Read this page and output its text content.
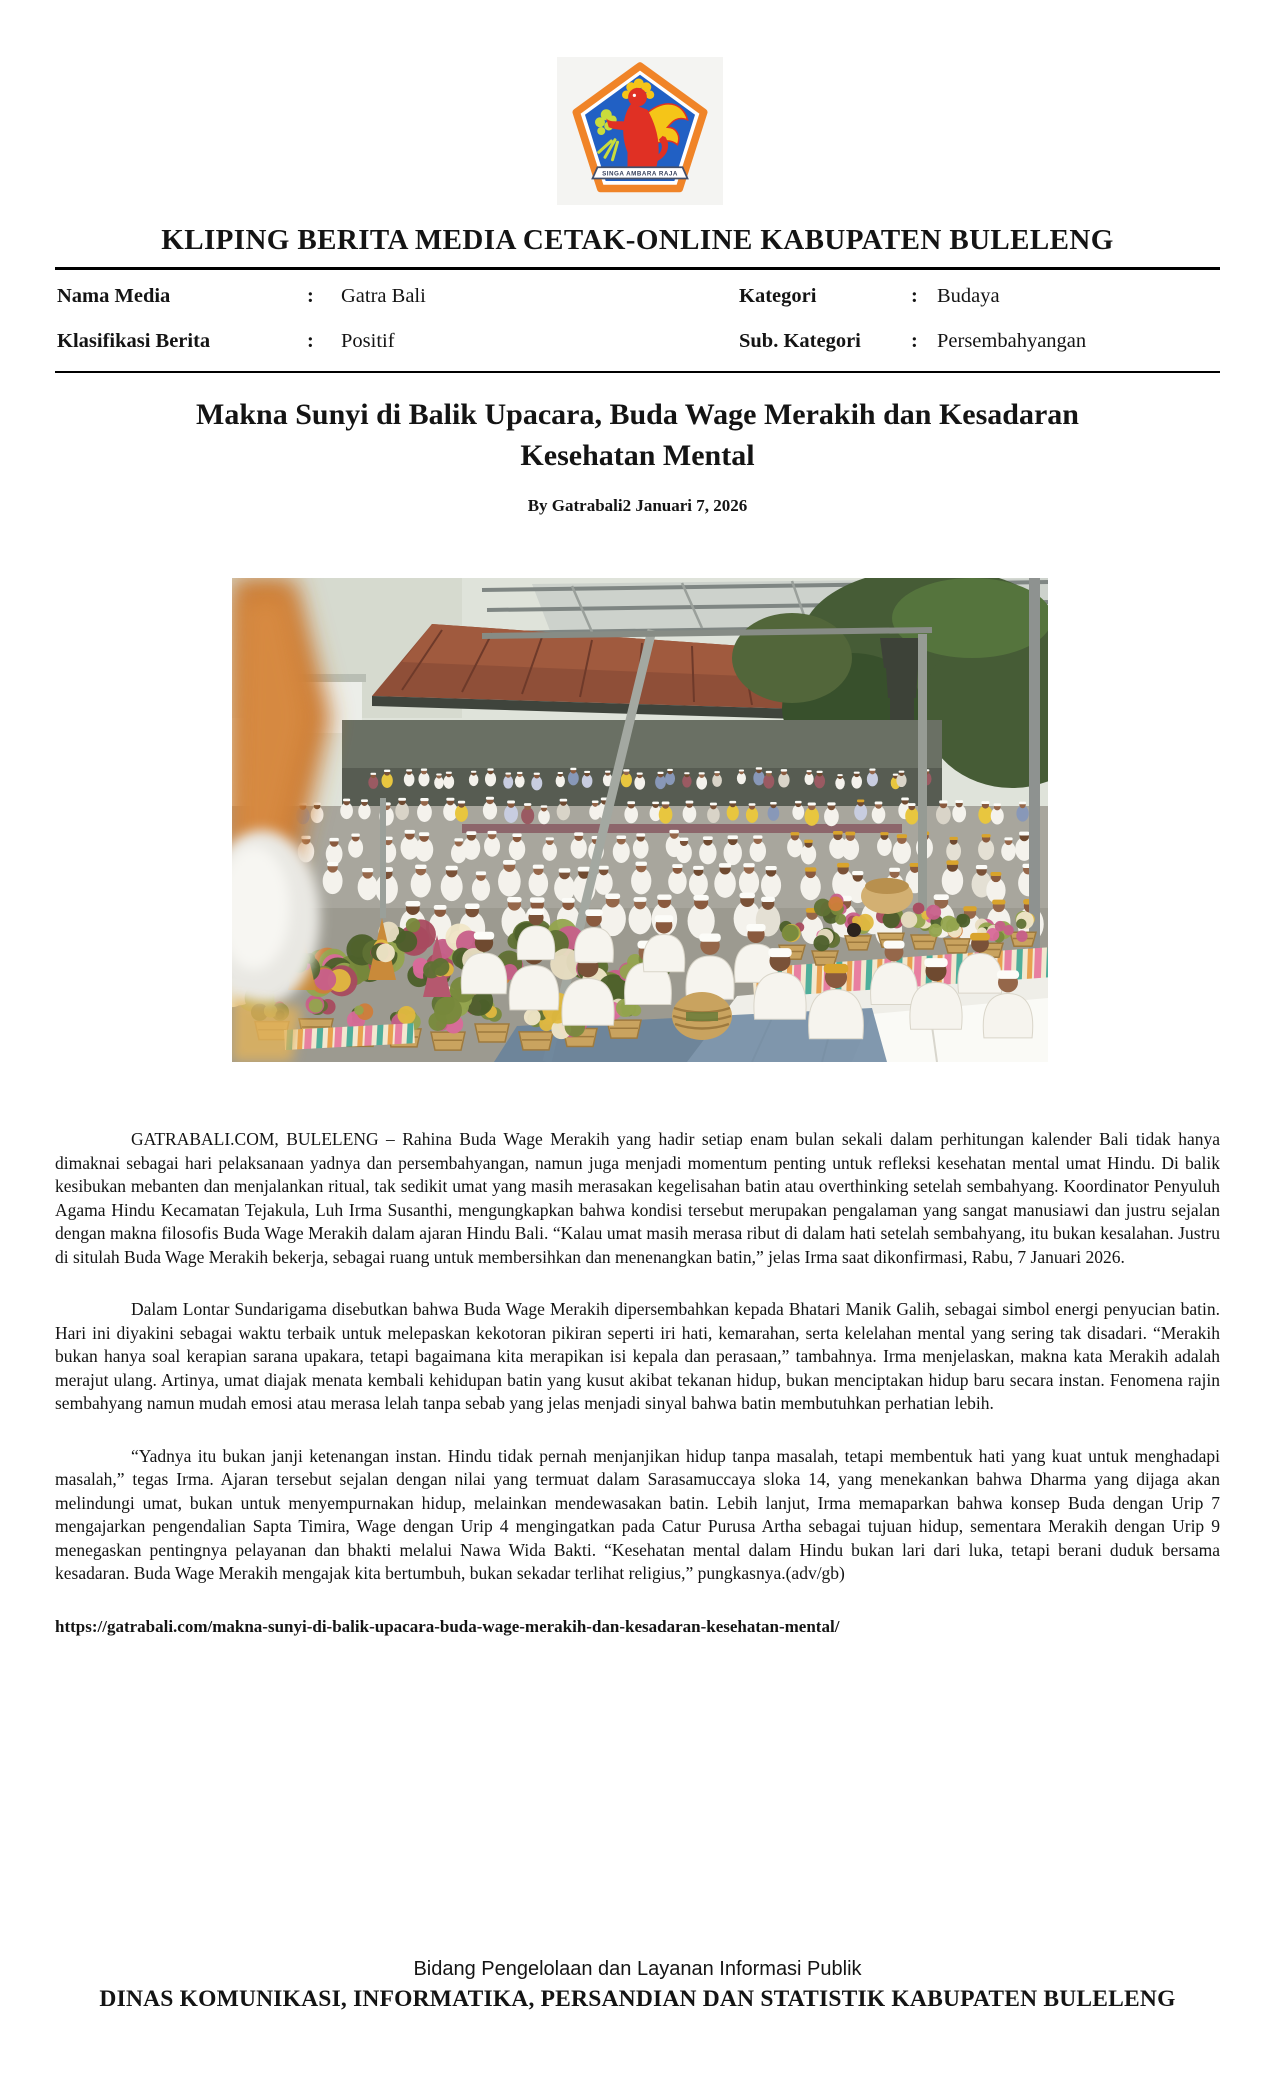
SINGA AMBARA RAJA
KLIPING BERITA MEDIA CETAK-ONLINE KABUPATEN BULELENG
Nama Media	:	Gatra Bali	Kategori	: Budaya
Klasifikasi Berita	:	Positif	Sub. Kategori	: Persembahyangan
Makna Sunyi di Balik Upacara, Buda Wage Merakih dan Kesadaran
Kesehatan Mental
By Gatrabali2 Januari 7, 2026

GATRABALI.COM, BULELENG – Rahina Buda Wage Merakih yang hadir setiap enam bulan sekali dalam perhitungan kalender Bali tidak hanya dimaknai sebagai hari pelaksanaan yadnya dan persembahyangan, namun juga menjadi momentum penting untuk refleksi kesehatan mental umat Hindu. Di balik kesibukan mebanten dan menjalankan ritual, tak sedikit umat yang masih merasakan kegelisahan batin atau overthinking setelah sembahyang. Koordinator Penyuluh Agama Hindu Kecamatan Tejakula, Luh Irma Susanthi, mengungkapkan bahwa kondisi tersebut merupakan pengalaman yang sangat manusiawi dan justru sejalan dengan makna filosofis Buda Wage Merakih dalam ajaran Hindu Bali. “Kalau umat masih merasa ribut di dalam hati setelah sembahyang, itu bukan kesalahan. Justru di situlah Buda Wage Merakih bekerja, sebagai ruang untuk membersihkan dan menenangkan batin,” jelas Irma saat dikonfirmasi, Rabu, 7 Januari 2026.

Dalam Lontar Sundarigama disebutkan bahwa Buda Wage Merakih dipersembahkan kepada Bhatari Manik Galih, sebagai simbol energi penyucian batin. Hari ini diyakini sebagai waktu terbaik untuk melepaskan kekotoran pikiran seperti iri hati, kemarahan, serta kelelahan mental yang sering tak disadari. “Merakih bukan hanya soal kerapian sarana upakara, tetapi bagaimana kita merapikan isi kepala dan perasaan,” tambahnya. Irma menjelaskan, makna kata Merakih adalah merajut ulang. Artinya, umat diajak menata kembali kehidupan batin yang kusut akibat tekanan hidup, bukan menciptakan hidup baru secara instan. Fenomena rajin sembahyang namun mudah emosi atau merasa lelah tanpa sebab yang jelas menjadi sinyal bahwa batin membutuhkan perhatian lebih.

“Yadnya itu bukan janji ketenangan instan. Hindu tidak pernah menjanjikan hidup tanpa masalah, tetapi membentuk hati yang kuat untuk menghadapi masalah,” tegas Irma. Ajaran tersebut sejalan dengan nilai yang termuat dalam Sarasamuccaya sloka 14, yang menekankan bahwa Dharma yang dijaga akan melindungi umat, bukan untuk menyempurnakan hidup, melainkan mendewasakan batin. Lebih lanjut, Irma memaparkan bahwa konsep Buda dengan Urip 7 mengajarkan pengendalian Sapta Timira, Wage dengan Urip 4 mengingatkan pada Catur Purusa Artha sebagai tujuan hidup, sementara Merakih dengan Urip 9 menegaskan pentingnya pelayanan dan bhakti melalui Nawa Wida Bakti. “Kesehatan mental dalam Hindu bukan lari dari luka, tetapi berani duduk bersama kesadaran. Buda Wage Merakih mengajak kita bertumbuh, bukan sekadar terlihat religius,” pungkasnya.(adv/gb)

https://gatrabali.com/makna-sunyi-di-balik-upacara-buda-wage-merakih-dan-kesadaran-kesehatan-mental/
Bidang Pengelolaan dan Layanan Informasi Publik
DINAS KOMUNIKASI, INFORMATIKA, PERSANDIAN DAN STATISTIK KABUPATEN BULELENG
